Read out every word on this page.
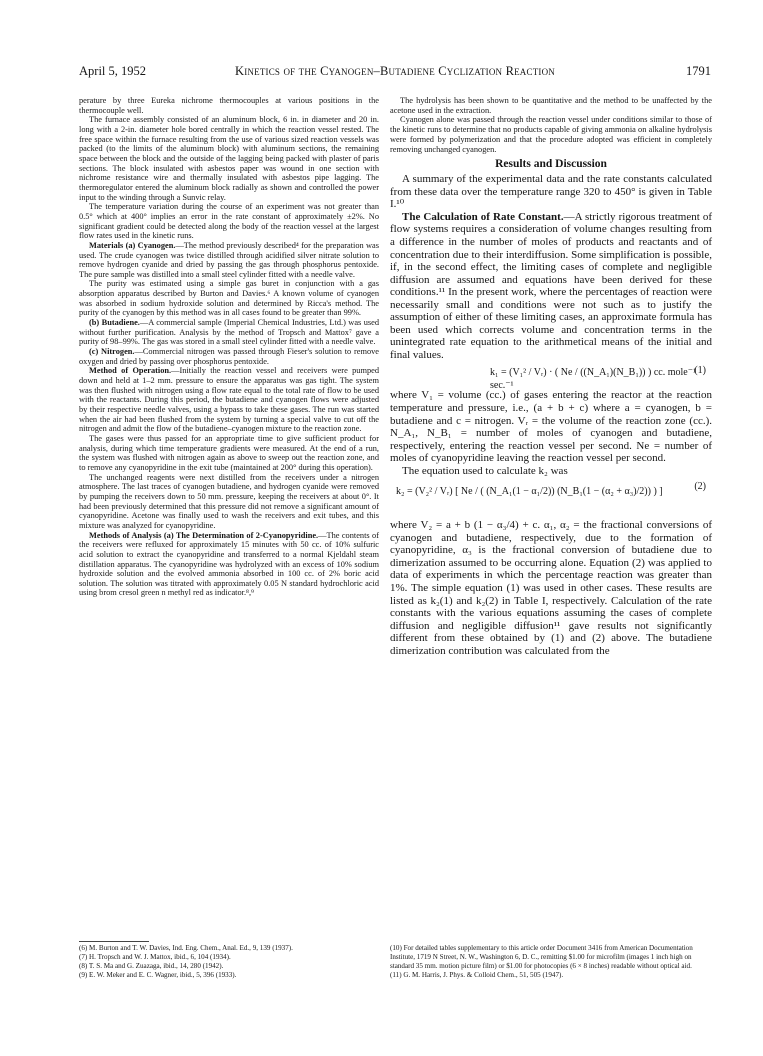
April 5, 1952	Kinetics of the Cyanogen–Butadiene Cyclization Reaction	1791

perature by three Eureka nichrome thermocouples at various positions in the thermocouple well.

The furnace assembly consisted of an aluminum block, 6 in. in diameter and 20 in. long with a 2-in. diameter hole bored centrally in which the reaction vessel rested. The free space within the furnace resulting from the use of various sized reaction vessels was packed (to the limits of the aluminum block) with aluminum sections, the remaining space between the block and the outside of the lagging being packed with plaster of paris sections. The block insulated with asbestos paper was wound in one section with nichrome resistance wire and thermally insulated with asbestos pipe lagging. The thermoregulator entered the aluminum block radially as shown and controlled the power input to the winding through a Sunvic relay.

The temperature variation during the course of an experiment was not greater than 0.5° which at 400° implies an error in the rate constant of approximately ±2%. No significant gradient could be detected along the body of the reaction vessel at the largest flow rates used in the kinetic runs.

Materials (a) Cyanogen.—The method previously described⁴ for the preparation was used. The crude cyanogen was twice distilled through acidified silver nitrate solution to remove hydrogen cyanide and dried by passing the gas through phosphorus pentoxide. The pure sample was distilled into a small steel cylinder fitted with a needle valve.

The purity was estimated using a simple gas buret in conjunction with a gas absorption apparatus described by Burton and Davies.⁶ A known volume of cyanogen was absorbed in sodium hydroxide solution and determined by Ricca's method. The purity of the cyanogen by this method was in all cases found to be greater than 99%.

(b) Butadiene.—A commercial sample (Imperial Chemical Industries, Ltd.) was used without further purification. Analysis by the method of Tropsch and Mattox⁷ gave a purity of 98–99%. The gas was stored in a small steel cylinder fitted with a needle valve.

(c) Nitrogen.—Commercial nitrogen was passed through Fieser's solution to remove oxygen and dried by passing over phosphorus pentoxide.

Method of Operation.—Initially the reaction vessel and receivers were pumped down and held at 1–2 mm. pressure to ensure the apparatus was gas tight. The system was then flushed with nitrogen using a flow rate equal to the total rate of flow to be used with the reactants. During this period, the butadiene and cyanogen flows were adjusted by their respective needle valves, using a bypass to take these gases. The run was started when the air had been flushed from the system by turning a special valve to cut off the nitrogen and admit the flow of the butadiene–cyanogen mixture to the reaction zone.

The gases were thus passed for an appropriate time to give sufficient product for analysis, during which time temperature gradients were measured. At the end of a run, the system was flushed with nitrogen again as above to sweep out the reaction zone, and to remove any cyanopyridine in the exit tube (maintained at 200° during this operation).

The unchanged reagents were next distilled from the receivers under a nitrogen atmosphere. The last traces of cyanogen butadiene, and hydrogen cyanide were removed by pumping the receivers down to 50 mm. pressure, keeping the receivers at about 0°. It had been previously determined that this pressure did not remove a significant amount of cyanopyridine. Acetone was finally used to wash the receivers and exit tubes, and this mixture was analyzed for cyanopyridine.

Methods of Analysis (a) The Determination of 2-Cyanopyridine.—The contents of the receivers were refluxed for approximately 15 minutes with 50 cc. of 10% sulfuric acid solution to extract the cyanopyridine and transferred to a normal Kjeldahl steam distillation apparatus. The cyanopyridine was hydrolyzed with an excess of 10% sodium hydroxide solution and the evolved ammonia absorbed in 100 cc. of 2% boric acid solution. The solution was titrated with approximately 0.05 N standard hydrochloric acid using brom cresol green n methyl red as indicator.⁸,⁹

The hydrolysis has been shown to be quantitative and the method to be unaffected by the acetone used in the extraction.

Cyanogen alone was passed through the reaction vessel under conditions similar to those of the kinetic runs to determine that no products capable of giving ammonia on alkaline hydrolysis were formed by polymerization and that the procedure adopted was efficient in completely removing unchanged cyanogen.

Results and Discussion

A summary of the experimental data and the rate constants calculated from these data over the temperature range 320 to 450° is given in Table I.¹⁰

The Calculation of Rate Constant.—A strictly rigorous treatment of flow systems requires a consideration of volume changes resulting from a difference in the number of moles of products and reactants and of concentration due to their interdiffusion. Some simplification is possible, if, in the second effect, the limiting cases of complete and negligible diffusion are assumed and equations have been derived for these conditions.¹¹ In the present work, where the percentages of reaction were necessarily small and conditions were not such as to justify the assumption of either of these limiting cases, an approximate formula has been used which corrects volume and concentration terms in the unintegrated rate equation to the arithmetical means of the initial and final values.

k₁ = (V₁² / Vᵣ) · ( Ne / ((N_A₁)(N_B₁)) ) cc. mole⁻¹ sec.⁻¹
(1)

where V₁ = volume (cc.) of gases entering the reactor at the reaction temperature and pressure, i.e., (a + b + c) where a = cyanogen, b = butadiene and c = nitrogen. Vᵣ = the volume of the reaction zone (cc.). N_A₁, N_B₁ = number of moles of cyanogen and butadiene, respectively, entering the reaction vessel per second. Ne = number of moles of cyanopyridine leaving the reaction vessel per second.

The equation used to calculate k₂ was

k₂ = (V₂² / Vᵣ) [ Ne / ( (N_A₁(1 − α₁/2)) (N_B₁(1 − (α₂ + α₃)/2)) ) ]	(2)

where V₂ = a + b (1 − α₃/4) + c. α₁, α₂ = the fractional conversions of cyanogen and butadiene, respectively, due to the formation of cyanopyridine, α₃ is the fractional conversion of butadiene due to dimerization assumed to be occurring alone. Equation (2) was applied to data of experiments in which the percentage reaction was greater than 1%. The simple equation (1) was used in other cases. These results are listed as k₂(1) and k₂(2) in Table I, respectively. Calculation of the rate constants with the various equations assuming the cases of complete diffusion and negligible diffusion¹¹ gave results not significantly different from these obtained by (1) and (2) above. The butadiene dimerization contribution was calculated from the

(6) M. Burton and T. W. Davies, Ind. Eng. Chem., Anal. Ed., 9, 139 (1937).

(7) H. Tropsch and W. J. Mattox, ibid., 6, 104 (1934).

(8) T. S. Ma and G. Zuazaga, ibid., 14, 280 (1942).

(9) E. W. Meker and E. C. Wagner, ibid., 5, 396 (1933).

(10) For detailed tables supplementary to this article order Document 3416 from American Documentation Institute, 1719 N Street, N. W., Washington 6, D. C., remitting $1.00 for microfilm (images 1 inch high on standard 35 mm. motion picture film) or $1.00 for photocopies (6 × 8 inches) readable without optical aid.

(11) G. M. Harris, J. Phys. & Colloid Chem., 51, 505 (1947).
